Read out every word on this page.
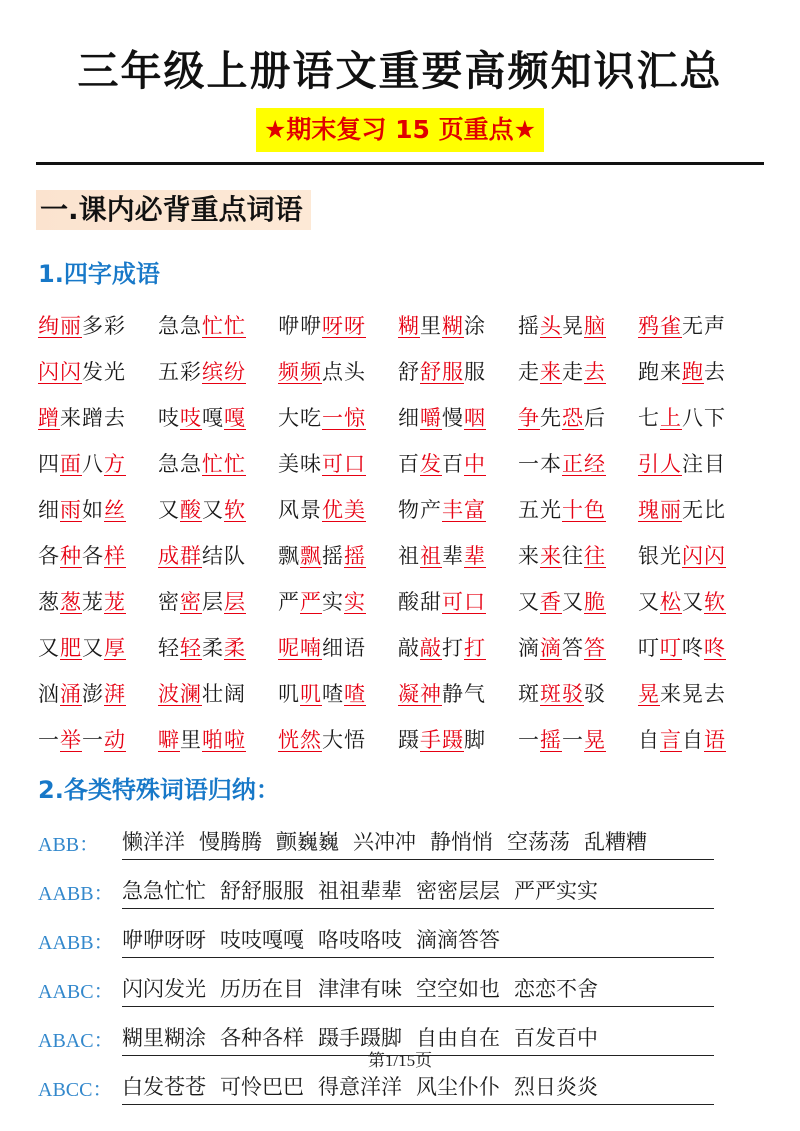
三年级上册语文重要高频知识汇总
★期末复习 15 页重点★
一.课内必背重点词语
1.四字成语
绚丽多彩	急急忙忙	咿咿呀呀	糊里糊涂	摇头晃脑	鸦雀无声
闪闪发光	五彩缤纷	频频点头	舒舒服服	走来走去	跑来跑去
蹭来蹭去	吱吱嘎嘎	大吃一惊	细嚼慢咽	争先恐后	七上八下
四面八方	急急忙忙	美味可口	百发百中	一本正经	引人注目
细雨如丝	又酸又软	风景优美	物产丰富	五光十色	瑰丽无比
各种各样	成群结队	飘飘摇摇	祖祖辈辈	来来往往	银光闪闪
葱葱茏茏	密密层层	严严实实	酸甜可口	又香又脆	又松又软
又肥又厚	轻轻柔柔	呢喃细语	敲敲打打	滴滴答答	叮叮咚咚
汹涌澎湃	波澜壮阔	叽叽喳喳	凝神静气	斑斑驳驳	晃来晃去
一举一动	噼里啪啦	恍然大悟	蹑手蹑脚	一摇一晃	自言自语
2.各类特殊词语归纳：
ABB：	懒洋洋 慢腾腾 颤巍巍 兴冲冲 静悄悄 空荡荡 乱糟糟
AABB： 急急忙忙 舒舒服服 祖祖辈辈 密密层层 严严实实
AABB： 咿咿呀呀 吱吱嘎嘎 咯吱咯吱 滴滴答答
AABC： 闪闪发光 历历在目 津津有味 空空如也 恋恋不舍
ABAC： 糊里糊涂 各种各样 蹑手蹑脚 自由自在 百发百中
ABCC： 白发苍苍 可怜巴巴 得意洋洋 风尘仆仆 烈日炎炎
第1/15页
